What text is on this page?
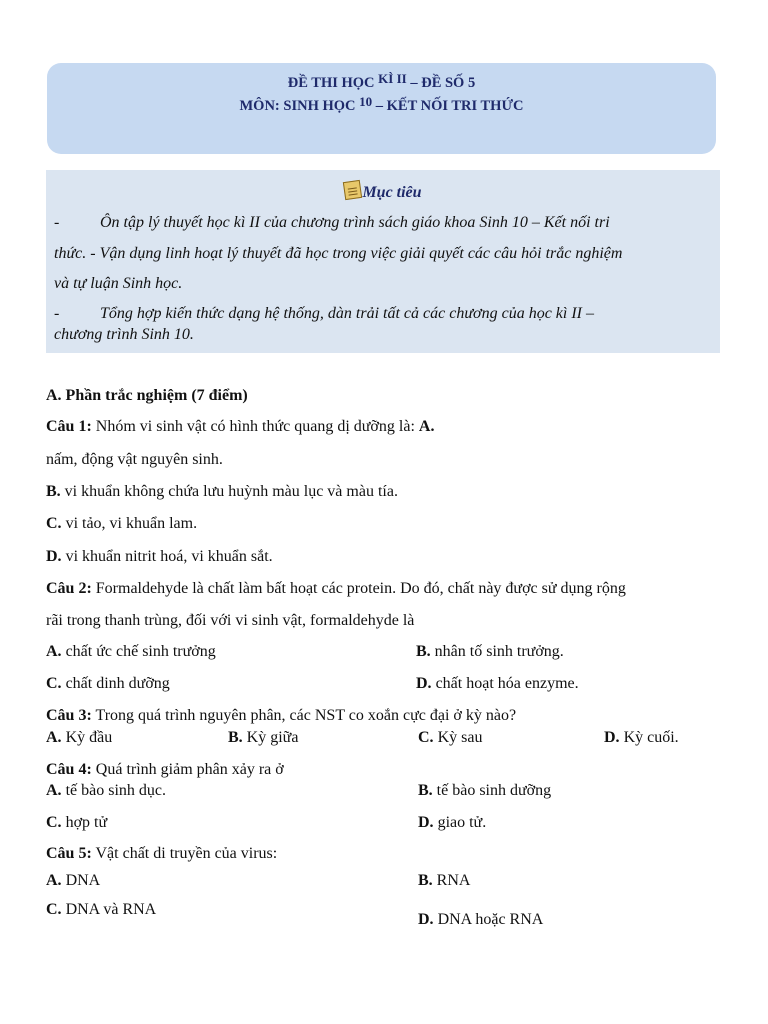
ĐỀ THI HỌC $^{KÌ II}$ – ĐỀ SỐ 5
MÔN: SINH HỌC $^{10}$ – KẾT NỐI TRI THỨC
Mục tiêu
-	Ôn tập lý thuyết học kì II của chương trình sách giáo khoa Sinh 10 – Kết nối tri
thức. - Vận dụng linh hoạt lý thuyết đã học trong việc giải quyết các câu hỏi trắc nghiệm
và tự luận Sinh học.
-	Tổng hợp kiến thức dạng hệ thống, dàn trải tất cả các chương của học kì II –
chương trình Sinh 10.
A. Phần trắc nghiệm (7 điểm)
Câu 1: Nhóm vi sinh vật có hình thức quang dị dưỡng là: A.
nấm, động vật nguyên sinh.
B. vi khuẩn không chứa lưu huỳnh màu lục và màu tía.
C. vi tảo, vi khuẩn lam.
D. vi khuẩn nitrit hoá, vi khuẩn sắt.
Câu 2: Formaldehyde là chất làm bất hoạt các protein. Do đó, chất này được sử dụng rộng
rãi trong thanh trùng, đối với vi sinh vật, formaldehyde là
A. chất ức chế sinh trưởng	B. nhân tố sinh trưởng.
C. chất dinh dưỡng	D. chất hoạt hóa enzyme.
Câu 3: Trong quá trình nguyên phân, các NST co xoắn cực đại ở kỳ nào?
A. Kỳ đầu	B. Kỳ giữa	C. Kỳ sau	D. Kỳ cuối.
Câu 4: Quá trình giảm phân xảy ra ở
A. tế bào sinh dục.	B. tế bào sinh dưỡng
C. hợp tử	D. giao tử.
Câu 5: Vật chất di truyền của virus:
A. DNA	B. RNA
C. DNA và RNA
D. DNA hoặc RNA
